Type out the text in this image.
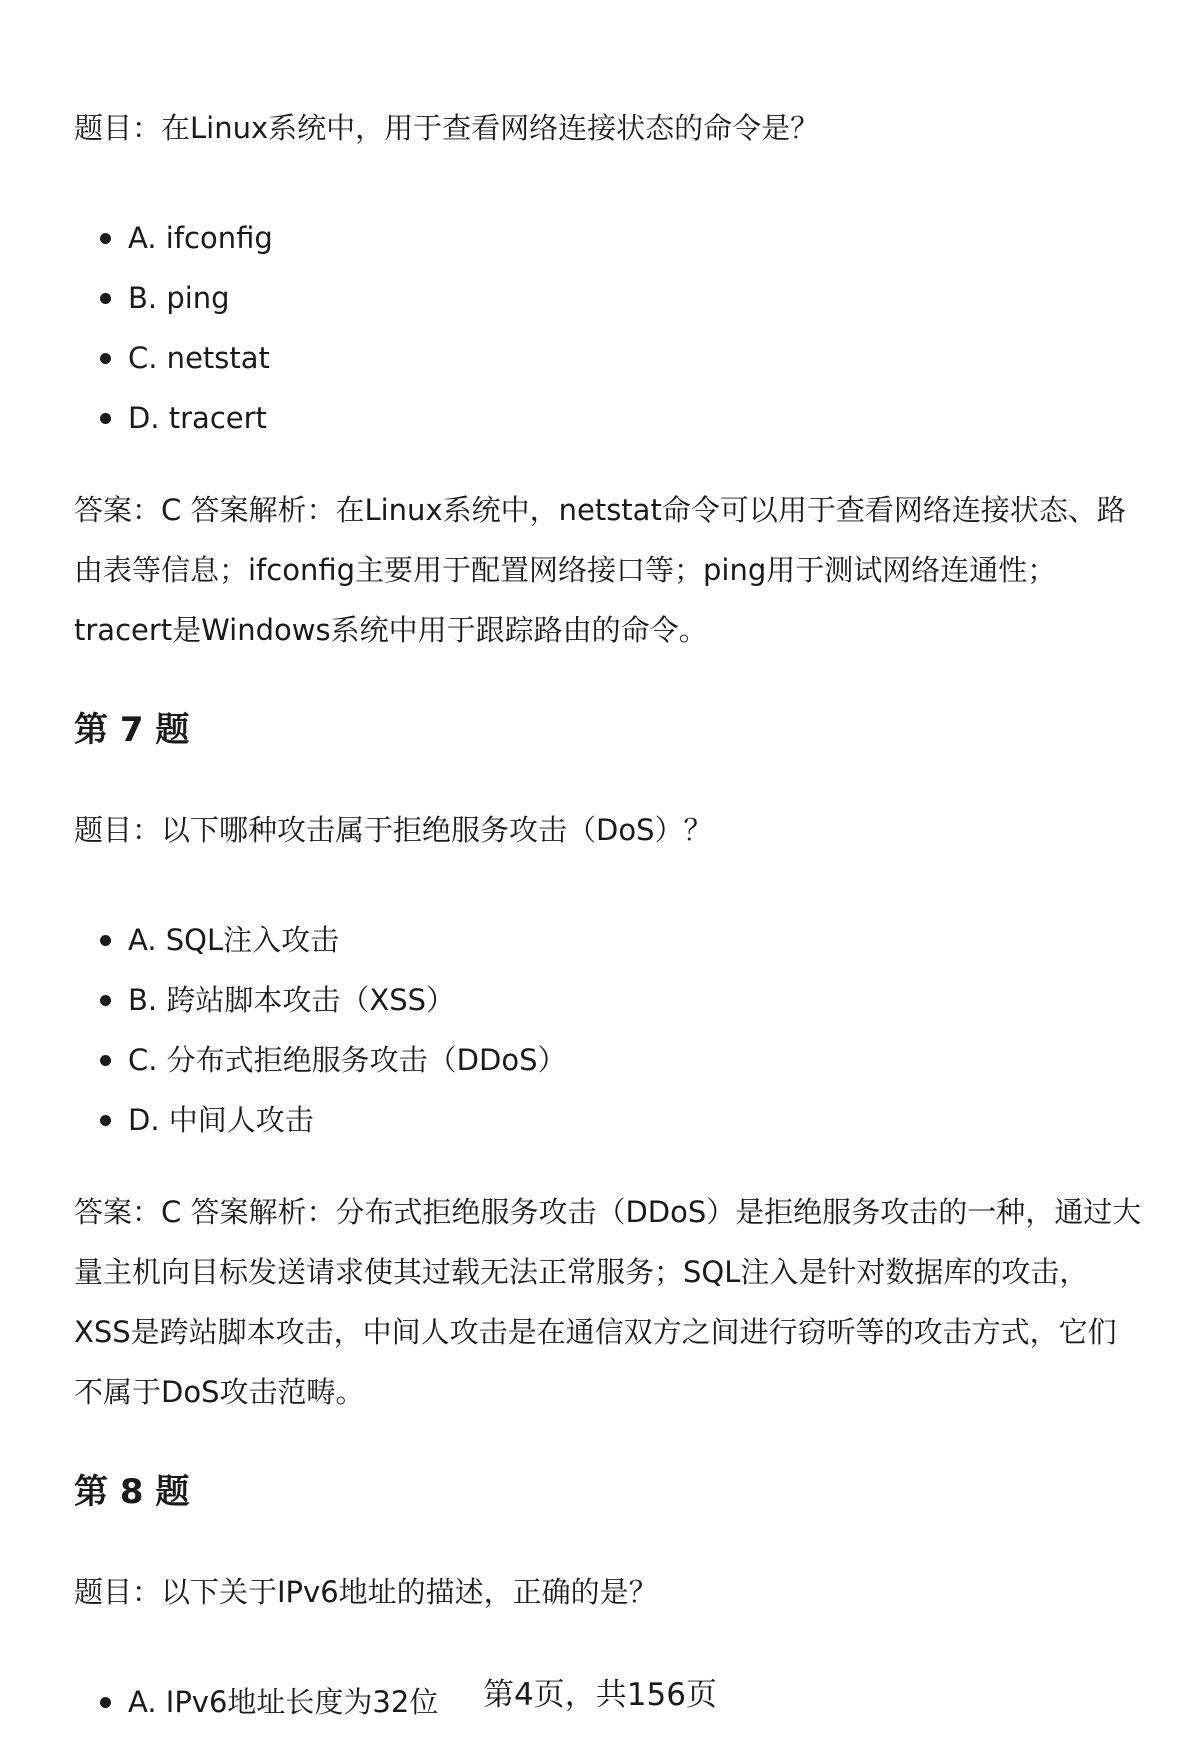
题目：在Linux系统中，用于查看网络连接状态的命令是？

A. ifconfig
B. ping
C. netstat
D. tracert

答案：C 答案解析：在Linux系统中，netstat命令可以用于查看网络连接状态、路由表等信息；ifconfig主要用于配置网络接口等；ping用于测试网络连通性；tracert是Windows系统中用于跟踪路由的命令。

第 7 题

题目：以下哪种攻击属于拒绝服务攻击（DoS）？

A. SQL注入攻击
B. 跨站脚本攻击（XSS）
C. 分布式拒绝服务攻击（DDoS）
D. 中间人攻击

答案：C 答案解析：分布式拒绝服务攻击（DDoS）是拒绝服务攻击的一种，通过大量主机向目标发送请求使其过载无法正常服务；SQL注入是针对数据库的攻击，XSS是跨站脚本攻击，中间人攻击是在通信双方之间进行窃听等的攻击方式，它们不属于DoS攻击范畴。

第 8 题

题目：以下关于IPv6地址的描述，正确的是？

A. IPv6地址长度为32位	第4页，共156页
